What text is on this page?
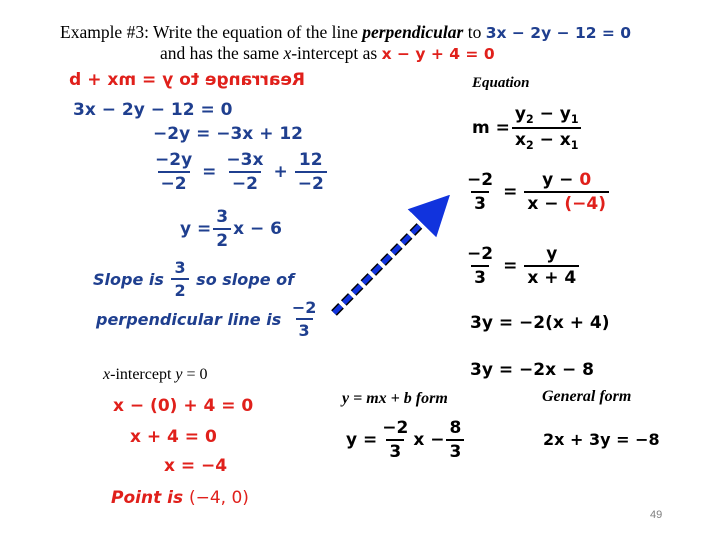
Example #3: Write the equation of the line perpendicular to 3x − 2y − 12 = 0
and has the same x-intercept as x − y + 4 = 0
Rearrange to y = mx + b
3x − 2y − 12 = 0
−2y = −3x + 12
$\frac{-2y}{-2} = \frac{-3x}{-2} + \frac{12}{-2}$
$y = \frac{3}{2}$ x − 6
Slope is $\frac{3}{2}$ so slope of
perpendicular line is $\frac{-2}{3}$
x-intercept y = 0
x − (0) + 4 = 0
x + 4 = 0
x = −4
Point is (−4, 0)
Equation
$m = \frac{y_2 - y_1}{x_2 - x_1}$
$\frac{-2}{3} = \frac{y - 0}{x - (-4)}$
$\frac{-2}{3} = \frac{y}{x + 4}$
3y = −2(x + 4)
3y = −2x − 8
y = mx + b form
$y = \frac{-2}{3}$ $x - \frac{8}{3}$
General form
2x + 3y = −8
49
